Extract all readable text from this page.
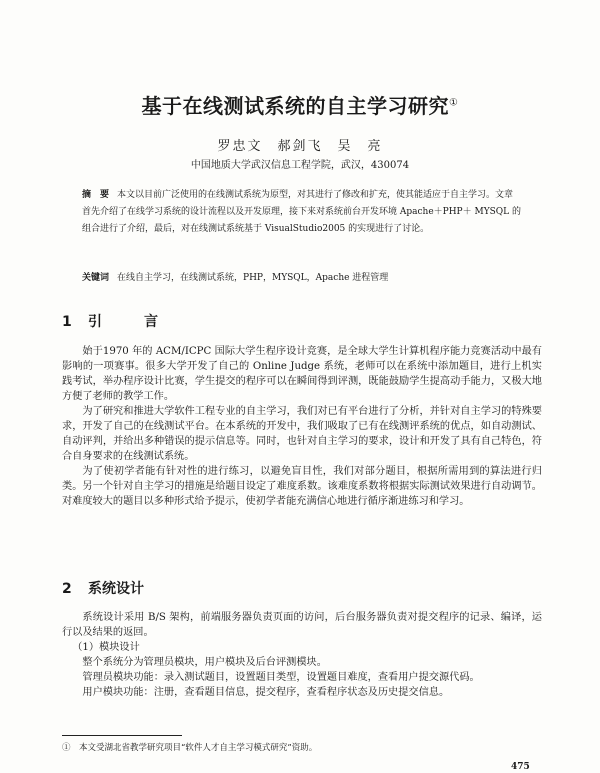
基于在线测试系统的自主学习研究①
罗忠文　郝剑飞　吴　亮
中国地质大学武汉信息工程学院，武汉，430074
摘　要 本文以目前广泛使用的在线测试系统为原型，对其进行了修改和扩充，使其能适应于自主学习。文章首先介绍了在线学习系统的设计流程以及开发原理，接下来对系统前台开发环境 Apache＋PHP＋ MYSQL 的组合进行了介绍，最后，对在线测试系统基于 VisualStudio2005 的实现进行了讨论。
关键词 在线自主学习，在线测试系统，PHP，MYSQL，Apache 进程管理
1 引　言

始于1970 年的 ACM/ICPC 国际大学生程序设计竞赛，是全球大学生计算机程序能力竞赛活动中最有影响的一项赛事。很多大学开发了自己的 Online Judge 系统，老师可以在系统中添加题目，进行上机实践考试，举办程序设计比赛，学生提交的程序可以在瞬间得到评测，既能鼓励学生提高动手能力，又极大地方便了老师的教学工作。

为了研究和推进大学软件工程专业的自主学习，我们对已有平台进行了分析，并针对自主学习的特殊要求，开发了自己的在线测试平台。在本系统的开发中，我们吸取了已有在线测评系统的优点，如自动测试、自动评判，并给出多种错误的提示信息等。同时，也针对自主学习的要求，设计和开发了具有自己特色，符合自身要求的在线测试系统。

为了使初学者能有针对性的进行练习，以避免盲目性，我们对部分题目，根据所需用到的算法进行归类。另一个针对自主学习的措施是给题目设定了难度系数。该难度系数将根据实际测试效果进行自动调节。对难度较大的题目以多种形式给予提示，使初学者能充满信心地进行循序渐进练习和学习。

2 系统设计

系统设计采用 B/S 架构，前端服务器负责页面的访问，后台服务器负责对提交程序的记录、编译，运行以及结果的返回。

（1）模块设计

整个系统分为管理员模块，用户模块及后台评测模块。

管理员模块功能：录入测试题目，设置题目类型，设置题目难度，查看用户提交源代码。

用户模块功能：注册，查看题目信息，提交程序，查看程序状态及历史提交信息。

①　本文受湖北省教学研究项目“软件人才自主学习模式研究”资助。
475
